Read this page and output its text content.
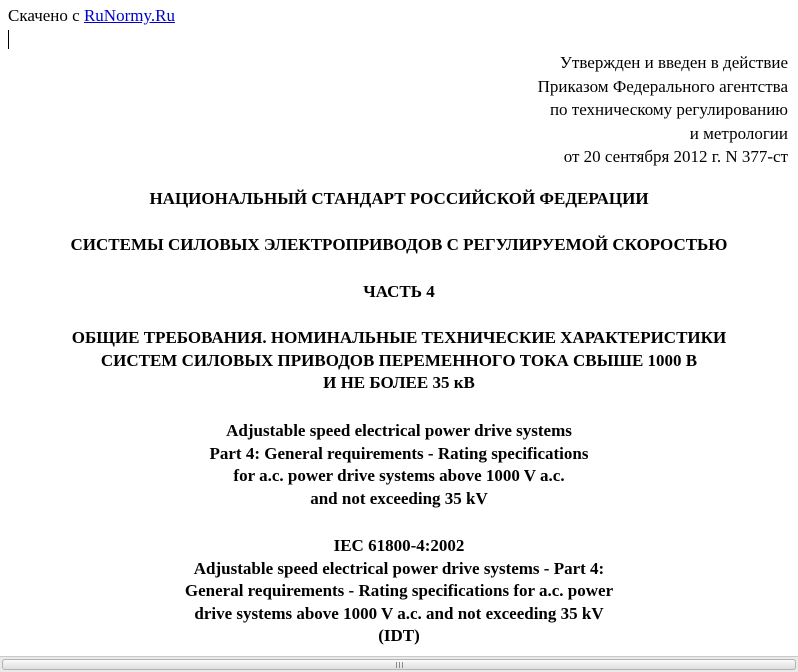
Скачено с RuNormy.Ru
Утвержден и введен в действие
Приказом Федерального агентства
по техническому регулированию
и метрологии
от 20 сентября 2012 г. N 377-ст
НАЦИОНАЛЬНЫЙ СТАНДАРТ РОССИЙСКОЙ ФЕДЕРАЦИИ
СИСТЕМЫ СИЛОВЫХ ЭЛЕКТРОПРИВОДОВ С РЕГУЛИРУЕМОЙ СКОРОСТЬЮ
ЧАСТЬ 4
ОБЩИЕ ТРЕБОВАНИЯ. НОМИНАЛЬНЫЕ ТЕХНИЧЕСКИЕ ХАРАКТЕРИСТИКИ
СИСТЕМ СИЛОВЫХ ПРИВОДОВ ПЕРЕМЕННОГО ТОКА СВЫШЕ 1000 В
И НЕ БОЛЕЕ 35 кВ
Adjustable speed electrical power drive systems
Part 4: General requirements - Rating specifications
for a.c. power drive systems above 1000 V a.c.
and not exceeding 35 kV
IEC 61800-4:2002
Adjustable speed electrical power drive systems - Part 4:
General requirements - Rating specifications for a.c. power
drive systems above 1000 V a.c. and not exceeding 35 kV
(IDT)
